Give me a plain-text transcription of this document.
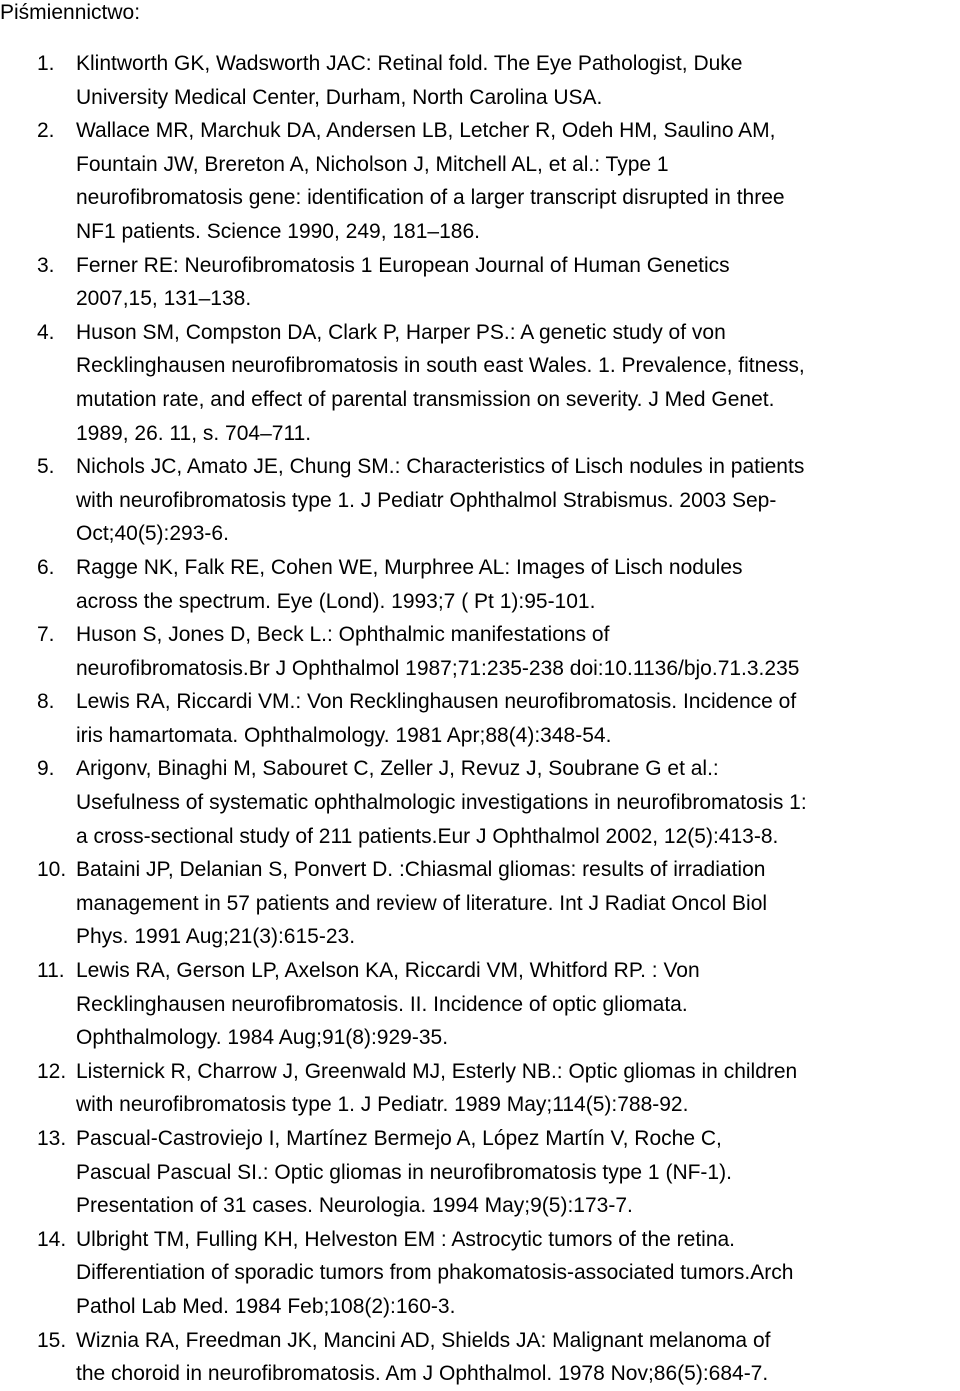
Piśmiennictwo:
1. Klintworth GK, Wadsworth JAC: Retinal fold. The Eye Pathologist, Duke
University Medical Center, Durham, North Carolina USA.
2. Wallace MR, Marchuk DA, Andersen LB, Letcher R, Odeh HM, Saulino AM,
Fountain JW, Brereton A, Nicholson J, Mitchell AL, et al.: Type 1
neurofibromatosis gene: identification of a larger transcript disrupted in three
NF1 patients. Science 1990, 249, 181–186.
3. Ferner RE: Neurofibromatosis 1 European Journal of Human Genetics
2007,15, 131–138.
4. Huson SM, Compston DA, Clark P, Harper PS.: A genetic study of von
Recklinghausen neurofibromatosis in south east Wales. 1. Prevalence, fitness,
mutation rate, and effect of parental transmission on severity. J Med Genet.
1989, 26. 11, s. 704–711.
5. Nichols JC, Amato JE, Chung SM.: Characteristics of Lisch nodules in patients
with neurofibromatosis type 1. J Pediatr Ophthalmol Strabismus. 2003 Sep-
Oct;40(5):293-6.
6. Ragge NK, Falk RE, Cohen WE, Murphree AL: Images of Lisch nodules
across the spectrum. Eye (Lond). 1993;7 ( Pt 1):95-101.
7. Huson S, Jones D, Beck L.: Ophthalmic manifestations of
neurofibromatosis.Br J Ophthalmol 1987;71:235-238 doi:10.1136/bjo.71.3.235
8. Lewis RA, Riccardi VM.: Von Recklinghausen neurofibromatosis. Incidence of
iris hamartomata. Ophthalmology. 1981 Apr;88(4):348-54.
9. Arigonv, Binaghi M, Sabouret C, Zeller J, Revuz J, Soubrane G et al.:
Usefulness of systematic ophthalmologic investigations in neurofibromatosis 1:
a cross-sectional study of 211 patients.Eur J Ophthalmol 2002, 12(5):413-8.
10. Bataini JP, Delanian S, Ponvert D. :Chiasmal gliomas: results of irradiation
management in 57 patients and review of literature. Int J Radiat Oncol Biol
Phys. 1991 Aug;21(3):615-23.
11. Lewis RA, Gerson LP, Axelson KA, Riccardi VM, Whitford RP. : Von
Recklinghausen neurofibromatosis. II. Incidence of optic gliomata.
Ophthalmology. 1984 Aug;91(8):929-35.
12. Listernick R, Charrow J, Greenwald MJ, Esterly NB.: Optic gliomas in children
with neurofibromatosis type 1. J Pediatr. 1989 May;114(5):788-92.
13. Pascual-Castroviejo I, Martínez Bermejo A, López Martín V, Roche C,
Pascual Pascual SI.: Optic gliomas in neurofibromatosis type 1 (NF-1).
Presentation of 31 cases. Neurologia. 1994 May;9(5):173-7.
14. Ulbright TM, Fulling KH, Helveston EM : Astrocytic tumors of the retina.
Differentiation of sporadic tumors from phakomatosis-associated tumors.Arch
Pathol Lab Med. 1984 Feb;108(2):160-3.
15. Wiznia RA, Freedman JK, Mancini AD, Shields JA: Malignant melanoma of
the choroid in neurofibromatosis. Am J Ophthalmol. 1978 Nov;86(5):684-7.
